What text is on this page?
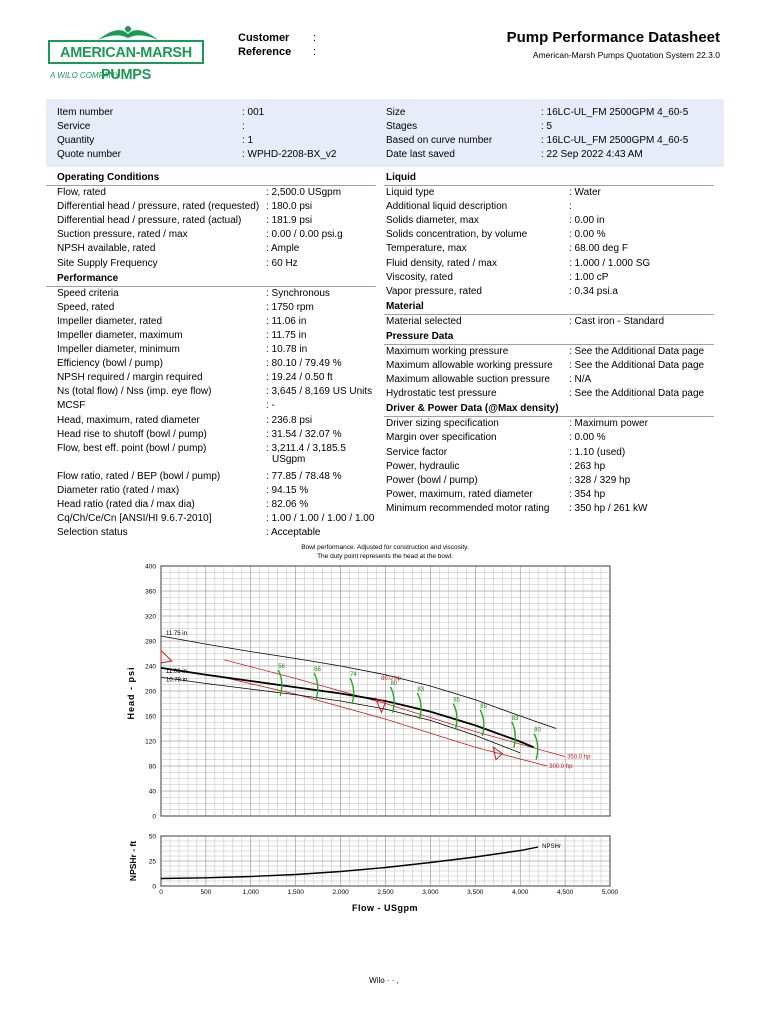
AMERICAN-MARSH PUMPS
A WILO COMPANY
Customer :
Reference :
Pump Performance Datasheet
American-Marsh Pumps Quotation System 22.3.0
Item number	: 001
Service	:
Quantity	: 1
Quote number	: WPHD-2208-BX_v2
Size	: 16LC-UL_FM 2500GPM 4_60-5
Stages	: 5
Based on curve number	: 16LC-UL_FM 2500GPM 4_60-5
Date last saved	: 22 Sep 2022 4:43 AM
Operating Conditions
Flow, rated	: 2,500.0 USgpm
Differential head / pressure, rated (requested) : 180.0 psi
Differential head / pressure, rated (actual) : 181.9 psi
Suction pressure, rated / max	: 0.00 / 0.00 psi.g
NPSH available, rated	: Ample
Site Supply Frequency	: 60 Hz
Performance
Speed criteria	: Synchronous
Speed, rated	: 1750 rpm
Impeller diameter, rated	: 11.06 in
Impeller diameter, maximum	: 11.75 in
Impeller diameter, minimum	: 10.78 in
Efficiency (bowl / pump)	: 80.10 / 79.49 %
NPSH required / margin required	: 19.24 / 0.50 ft
Ns (total flow) / Nss (imp. eye flow)	: 3,645 / 8,169 US Units
MCSF	: -
Head, maximum, rated diameter	: 236.8 psi
Head rise to shutoff (bowl / pump)	: 31.54 / 32.07 %
Flow, best eff. point (bowl / pump)	: 3,211.4 / 3,185.5
USgpm
Flow ratio, rated / BEP (bowl / pump)	: 77.85 / 78.48 %
Diameter ratio (rated / max)	: 94.15 %
Head ratio (rated dia / max dia)	: 82.06 %
Cq/Ch/Ce/Cn [ANSI/HI 9.6.7-2010]	: 1.00 / 1.00 / 1.00 / 1.00
Selection status	: Acceptable
Liquid
Liquid type	: Water
Additional liquid description	:
Solids diameter, max	: 0.00 in
Solids concentration, by volume	: 0.00 %
Temperature, max	: 68.00 deg F
Fluid density, rated / max	: 1.000 / 1.000 SG
Viscosity, rated	: 1.00 cP
Vapor pressure, rated	: 0.34 psi.a
Material
Material selected	: Cast iron - Standard
Pressure Data
Maximum working pressure	: See the Additional Data page
Maximum allowable working pressure : See the Additional Data page
Maximum allowable suction pressure : N/A
Hydrostatic test pressure	: See the Additional Data page
Driver & Power Data (@Max density)
Driver sizing specification	: Maximum power
Margin over specification	: 0.00 %
Service factor	: 1.10 (used)
Power, hydraulic	: 263 hp
Power (bowl / pump)	: 328 / 329 hp
Power, maximum, rated diameter	: 354 hp
Minimum recommended motor rating : 350 hp / 261 kW
Bowl performance. Adjusted for construction and viscosity.
The duty point represents the head at the bowl.
350.0 hp
300.0 hp
11.75 in
11.06 in
10.78 in
56
66
74
80
83
85
85
83
80
80.0 hp
0
40
80
120
160
200
240
280
320
360
400
Head - psi
NPSHr
0
25
50
0	500	1,000	1,500	2,000	2,500	3,000	3,500	4,000	4,500	5,000
NPSHr - ft
Flow - USgpm
Wilo · · ,
